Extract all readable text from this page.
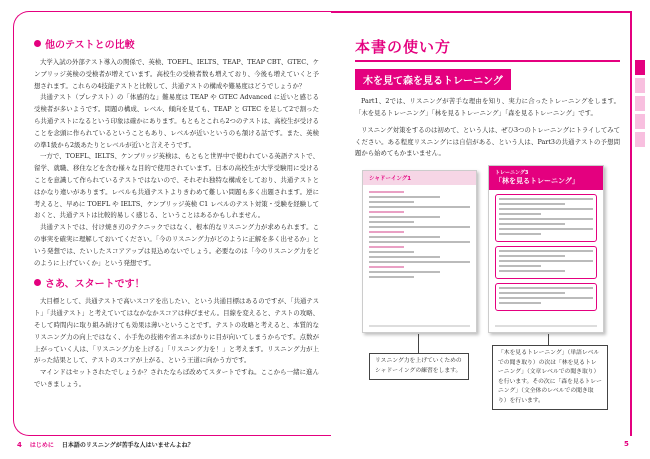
他のテストとの比較

大学入試の外部テスト導入の関係で、英検、TOEFL、IELTS、TEAP、TEAP CBT、GTEC、ケンブリッジ英検の受検者が増えています。高校生の受検者数も増えており、今後も増えていくと予想されます。これらの4技能テストと比較して、共通テストの構成や難易度はどうでしょうか？

共通テスト（プレテスト）の「体感的な」難易度は TEAP や GTEC Advanced に近いと感じる受検者が多いようです。問題の構成、レベル、傾向を見ても、TEAP と GTEC を足して2で割ったら共通テストになるという印象は確かにあります。もともとこれら2つのテストは、高校生が受けることを念頭に作られているということもあり、レベルが近いというのも頷ける話です。また、英検の準1級から2級あたりとレベルが近いと言えそうです。

一方で、TOEFL、IELTS、ケンブリッジ英検は、もともと世界中で使われている英語テストで、留学、就職、移住などを含む様々な目的で使用されています。日本の高校生が大学受験用に受けることを意識して作られているテストではないので、それぞれ独特な構成をしており、共通テストとはかなり違いがあります。レベルも共通テストよりきわめて難しい問題も多く出題されます。逆に考えると、早めに TOEFL や IELTS、ケンブリッジ英検 C1 レベルのテスト対策・受験を経験しておくと、共通テストは比較的易しく感じる、ということはあるかもしれません。

共通テストでは、付け焼き刃のテクニックではなく、根本的なリスニング力が求められます。この事実を確実に理解しておいてください。「今のリスニング力がどのように正解を多く出せるか」という発想では、たいしたスコアアップは見込めないでしょう。必要なのは「今のリスニング力をどのように上げていくか」という発想です。

さあ、スタートです！

大目標として、共通テストで高いスコアを出したい、という共通目標はあるのですが、「共通テスト」「共通テスト」と考えていてはなかなかスコアは伸びません。目線を変えると、テストの攻略、そして時間内に取り組み続けても効果は薄いということです。テストの攻略と考えると、本質的なリスニング力の向上ではなく、小手先の技術や省エネばかりに目が向いてしまうからです。点数が上がっていく人は、「リスニング力を上げる」「リスニング力を！」と考えます。リスニング力が上がった結果として、テストのスコアが上がる、という王道に向かう方です。

マインドはセットされたでしょうか？されたならば改めてスタートですね。ここから一緒に進んでいきましょう。

本書の使い方
木を見て森を見るトレーニング

Part1、2では、リスニングが苦手な理由を知り、実力に合ったトレーニングをします。「木を見るトレーニング」「林を見るトレーニング」「森を見るトレーニング」です。

リスニング対策をするのは初めて、という人は、ぜひ3つのトレーニングにトライしてみてください。ある程度リスニングには自信がある、という人は、Part3の共通テストの予想問題から始めてもかまいません。

シャドーイング1
トレーニング3
「林を見るトレーニング」
リスニング力を上げていくためのシャドーイングの練習をします。
「木を見るトレーニング」（単語レベルでの聞き取り）の次は「林を見るトレーニング」（文章レベルでの聞き取り）を行います。その次に「森を見るトレーニング」（文全体のレベルでの聞き取り）を行います。
4 はじめに 日本語のリスニングが苦手な人はいませんよね？	5
